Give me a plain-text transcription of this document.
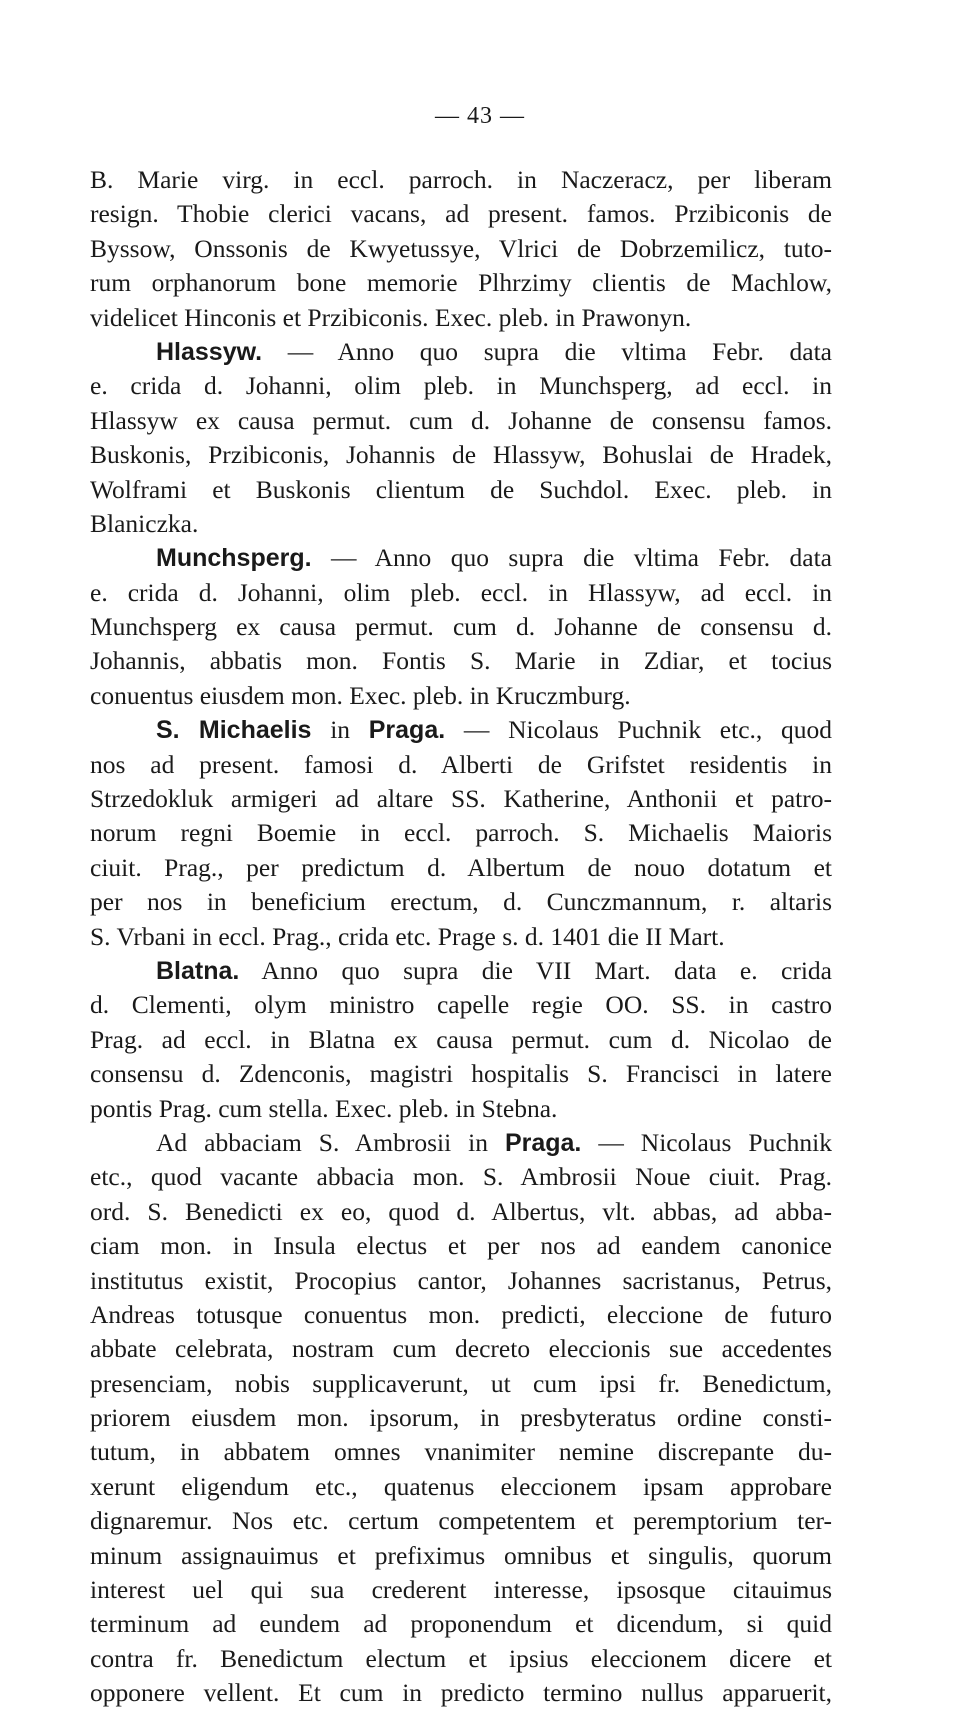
— 43 —
B. Marie virg. in eccl. parroch. in Naczeracz, per liberam
resign. Thobie clerici vacans, ad present. famos. Przibiconis de
Byssow, Onssonis de Kwyetussye, Vlrici de Dobrzemilicz, tuto-
rum orphanorum bone memorie Plhrzimy clientis de Machlow,
videlicet Hinconis et Przibiconis. Exec. pleb. in Prawonyn.
Hlassyw. — Anno quo supra die vltima Febr. data
e. crida d. Johanni, olim pleb. in Munchsperg, ad eccl. in
Hlassyw ex causa permut. cum d. Johanne de consensu famos.
Buskonis, Przibiconis, Johannis de Hlassyw, Bohuslai de Hradek,
Wolframi et Buskonis clientum de Suchdol. Exec. pleb. in
Blaniczka.
Munchsperg. — Anno quo supra die vltima Febr. data
e. crida d. Johanni, olim pleb. eccl. in Hlassyw, ad eccl. in
Munchsperg ex causa permut. cum d. Johanne de consensu d.
Johannis, abbatis mon. Fontis S. Marie in Zdiar, et tocius
conuentus eiusdem mon. Exec. pleb. in Kruczmburg.
S. Michaelis in Praga. — Nicolaus Puchnik etc., quod
nos ad present. famosi d. Alberti de Grifstet residentis in
Strzedokluk armigeri ad altare SS. Katherine, Anthonii et patro-
norum regni Boemie in eccl. parroch. S. Michaelis Maioris
ciuit. Prag., per predictum d. Albertum de nouo dotatum et
per nos in beneficium erectum, d. Cunczmannum, r. altaris
S. Vrbani in eccl. Prag., crida etc. Prage s. d. 1401 die II Mart.
Blatna. Anno quo supra die VII Mart. data e. crida
d. Clementi, olym ministro capelle regie OO. SS. in castro
Prag. ad eccl. in Blatna ex causa permut. cum d. Nicolao de
consensu d. Zdenconis, magistri hospitalis S. Francisci in latere
pontis Prag. cum stella. Exec. pleb. in Stebna.
Ad abbaciam S. Ambrosii in Praga. — Nicolaus Puchnik
etc., quod vacante abbacia mon. S. Ambrosii Noue ciuit. Prag.
ord. S. Benedicti ex eo, quod d. Albertus, vlt. abbas, ad abba-
ciam mon. in Insula electus et per nos ad eandem canonice
institutus existit, Procopius cantor, Johannes sacristanus, Petrus,
Andreas totusque conuentus mon. predicti, eleccione de futuro
abbate celebrata, nostram cum decreto eleccionis sue accedentes
presenciam, nobis supplicaverunt, ut cum ipsi fr. Benedictum,
priorem eiusdem mon. ipsorum, in presbyteratus ordine consti-
tutum, in abbatem omnes vnanimiter nemine discrepante du-
xerunt eligendum etc., quatenus eleccionem ipsam approbare
dignaremur. Nos etc. certum competentem et peremptorium ter-
minum assignauimus et prefiximus omnibus et singulis, quorum
interest uel qui sua crederent interesse, ipsosque citauimus
terminum ad eundem ad proponendum et dicendum, si quid
contra fr. Benedictum electum et ipsius eleccionem dicere et
opponere vellent. Et cum in predicto termino nullus apparuerit,
